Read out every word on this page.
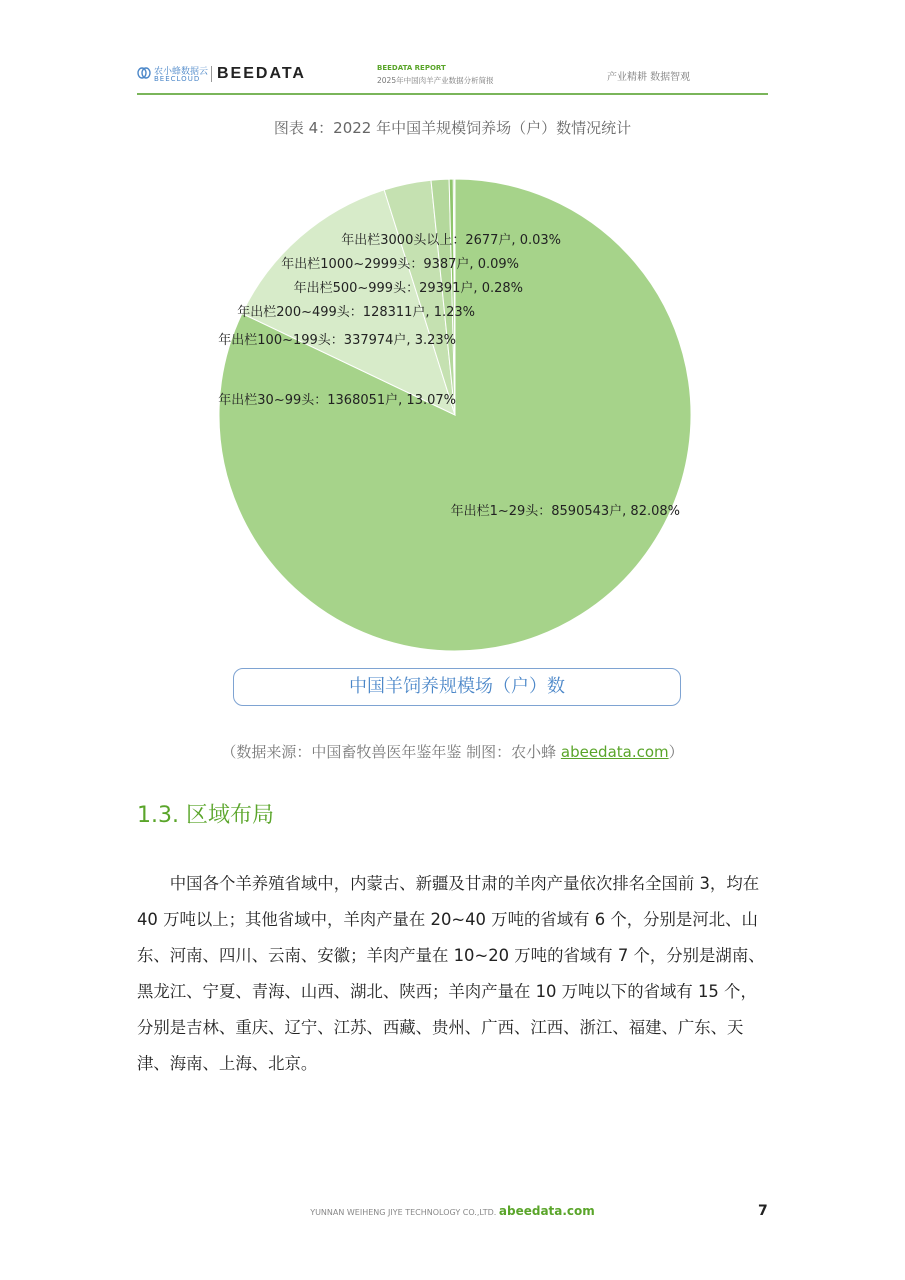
农小蜂数据云
BEECLOUD BEEDATA	BEEDATA REPORT
2025年中国肉羊产业数据分析简报	产业精耕 数据智观
图表 4：2022 年中国羊规模饲养场（户）数情况统计
年出栏1~29头：8590543户, 82.08%
年出栏30~99头：1368051户, 13.07%
年出栏100~199头：337974户, 3.23%
年出栏200~499头：128311户, 1.23%
年出栏500~999头：29391户, 0.28%
年出栏1000~2999头：9387户, 0.09%
年出栏3000头以上：2677户, 0.03%
中国羊饲养规模场（户）数
（数据来源：中国畜牧兽医年鉴年鉴 制图：农小蜂 abeedata.com）
1.3. 区域布局

中国各个羊养殖省域中，内蒙古、新疆及甘肃的羊肉产量依次排名全国前 3，均在 40 万吨以上；其他省域中，羊肉产量在 20~40 万吨的省域有 6 个，分别是河北、山东、河南、四川、云南、安徽；羊肉产量在 10~20 万吨的省域有 7 个，分别是湖南、黑龙江、宁夏、青海、山西、湖北、陕西；羊肉产量在 10 万吨以下的省域有 15 个，分别是吉林、重庆、辽宁、江苏、西藏、贵州、广西、江西、浙江、福建、广东、天津、海南、上海、北京。

YUNNAN WEIHENG JIYE TECHNOLOGY CO.,LTD. abeedata.com	7
